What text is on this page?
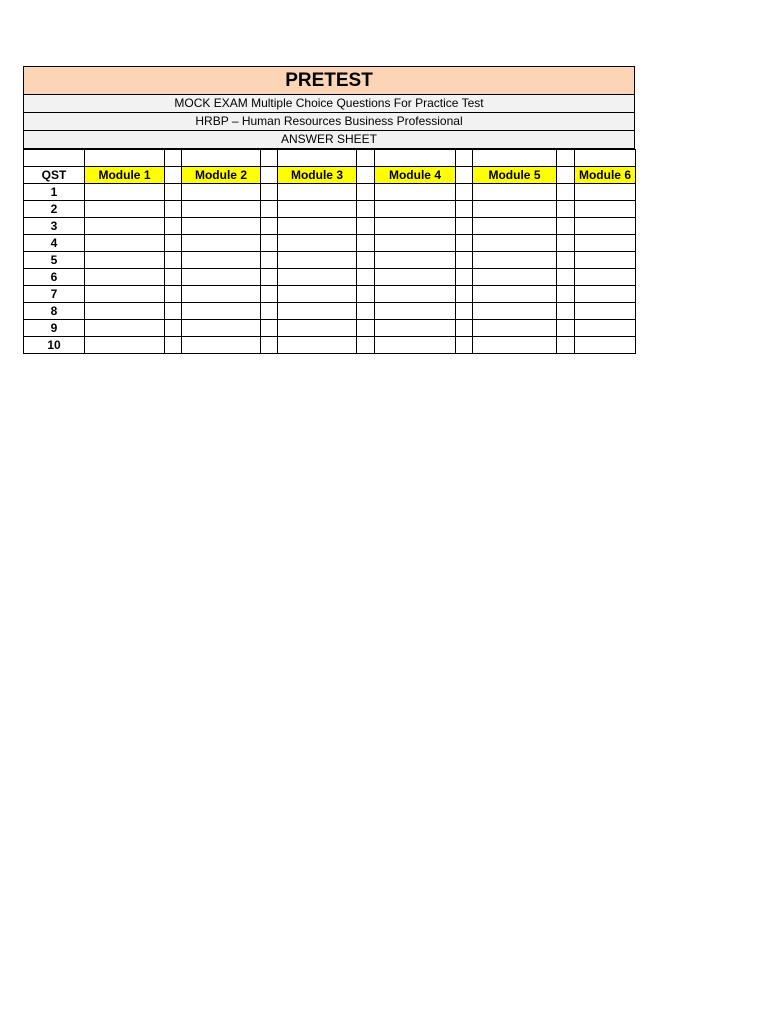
PRETEST
MOCK EXAM Multiple Choice Questions For Practice Test
HRBP – Human Resources Business Professional
ANSWER SHEET

QST	Module 1		Module 2		Module 3		Module 4		Module 5		Module 6
1											
2											
3											
4											
5											
6											
7											
8											
9											
10											
